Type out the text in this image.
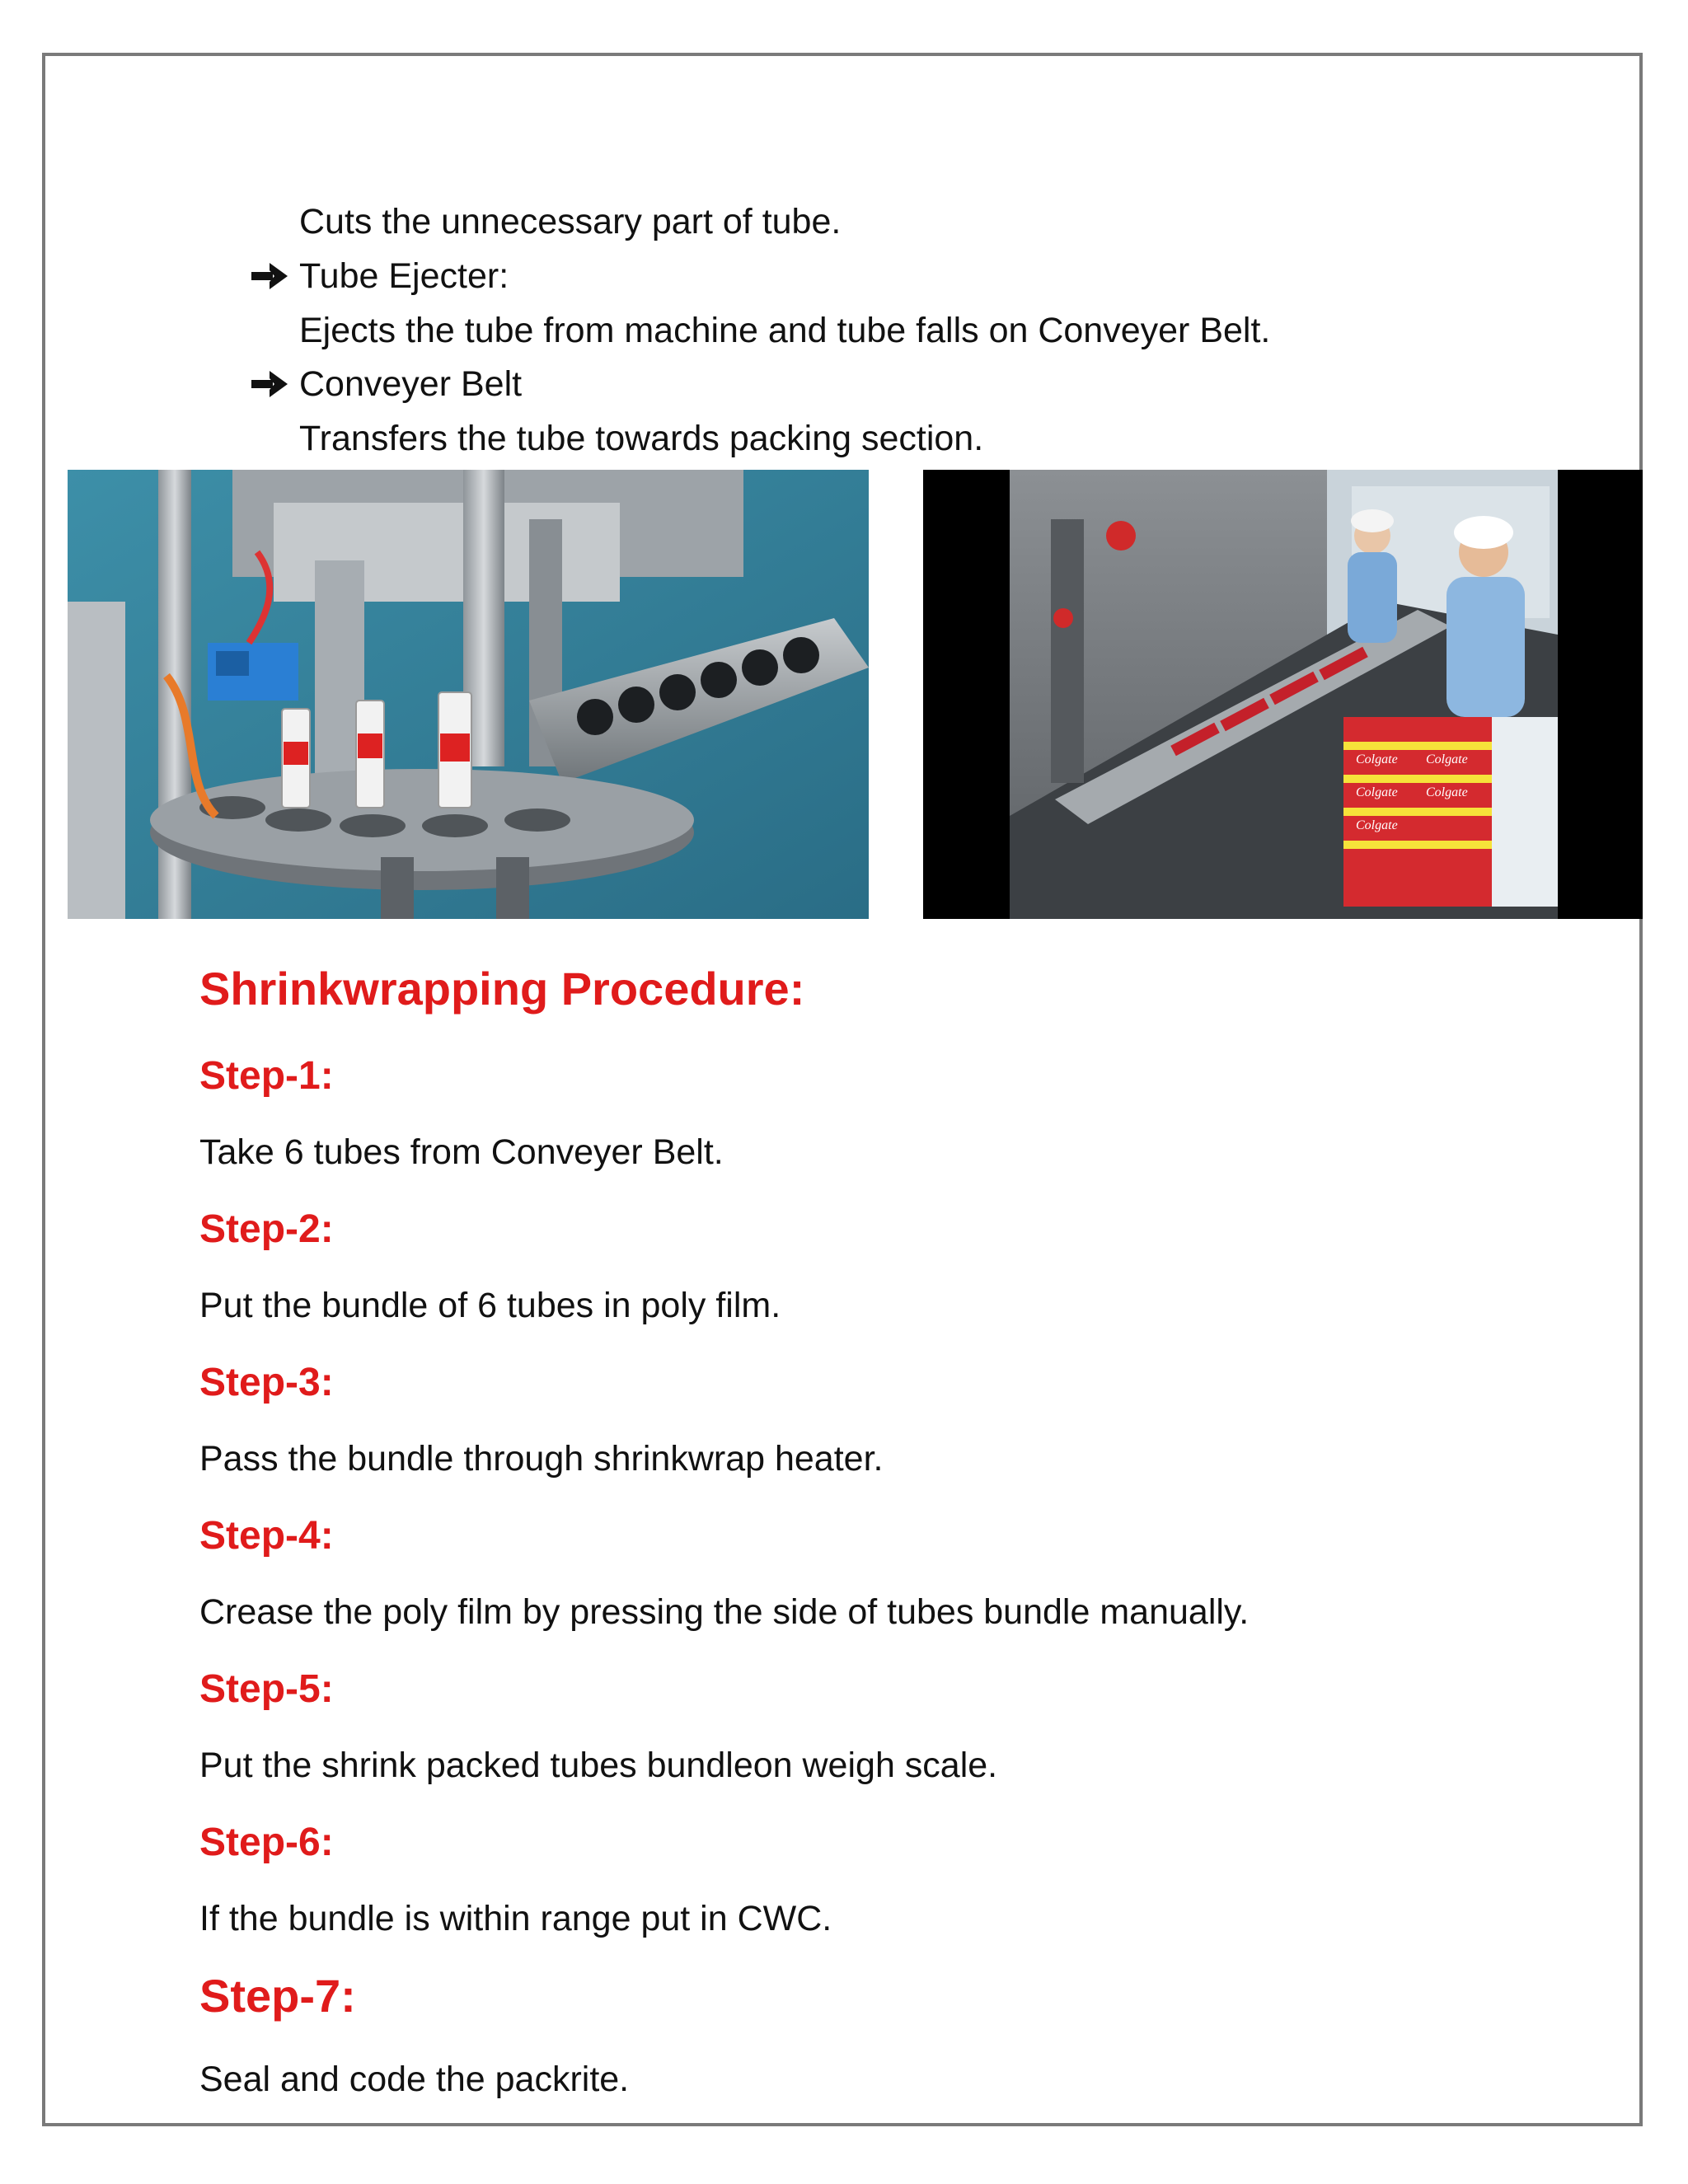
Cuts the unnecessary part of tube.
Tube Ejecter:
Ejects the tube from machine and tube falls on Conveyer Belt.
Conveyer Belt
Transfers the tube towards packing section.
Colgate
Colgate
Colgate
Colgate
Colgate
Shrinkwrapping Procedure:
Step-1:
Take 6 tubes from Conveyer Belt.
Step-2:
Put the bundle of 6 tubes in poly film.
Step-3:
Pass the bundle through shrinkwrap heater.
Step-4:
Crease the poly film by pressing the side of tubes bundle manually.
Step-5:
Put the shrink packed tubes bundleon weigh scale.
Step-6:
If the bundle is within range put in CWC.
Step-7:
Seal and code the packrite.
